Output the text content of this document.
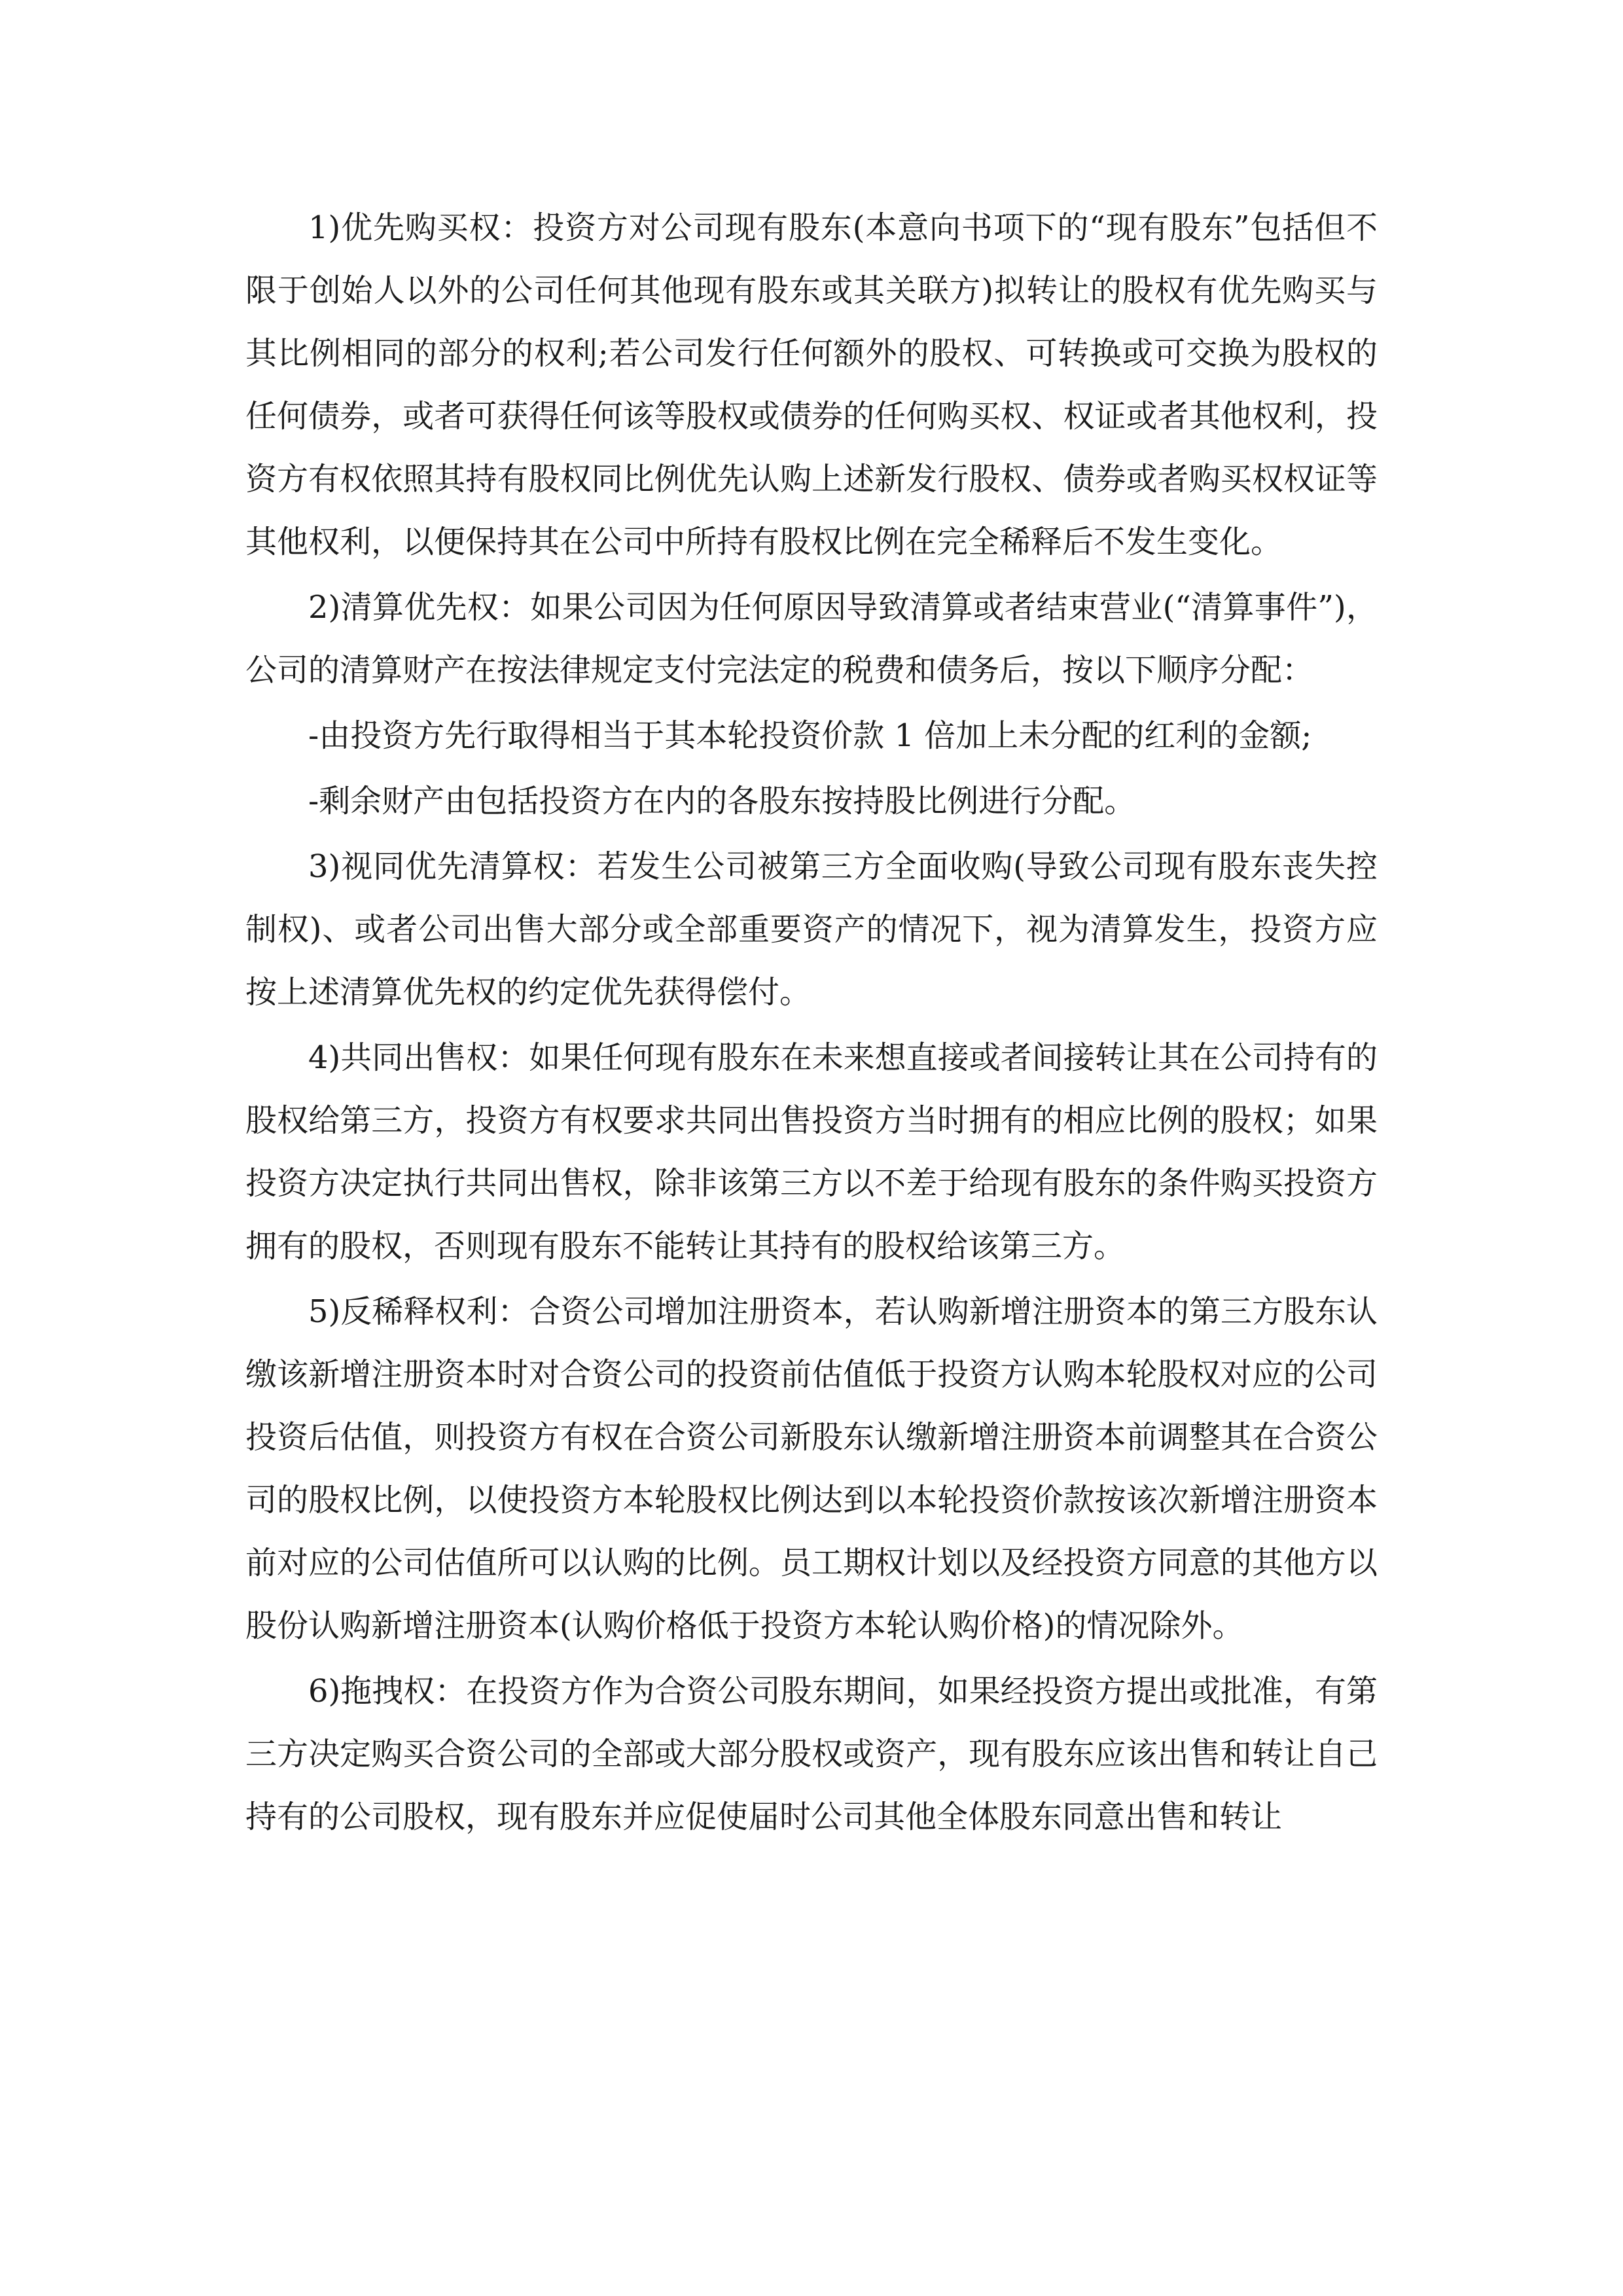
1)优先购买权：投资方对公司现有股东(本意向书项下的“现有股东”包括但不限于创始人以外的公司任何其他现有股东或其关联方)拟转让的股权有优先购买与其比例相同的部分的权利;若公司发行任何额外的股权、可转换或可交换为股权的任何债券，或者可获得任何该等股权或债券的任何购买权、权证或者其他权利，投资方有权依照其持有股权同比例优先认购上述新发行股权、债券或者购买权权证等其他权利，以便保持其在公司中所持有股权比例在完全稀释后不发生变化。

2)清算优先权：如果公司因为任何原因导致清算或者结束营业(“清算事件”)，公司的清算财产在按法律规定支付完法定的税费和债务后，按以下顺序分配：

-由投资方先行取得相当于其本轮投资价款 1 倍加上未分配的红利的金额;

-剩余财产由包括投资方在内的各股东按持股比例进行分配。

3)视同优先清算权：若发生公司被第三方全面收购(导致公司现有股东丧失控制权)、或者公司出售大部分或全部重要资产的情况下，视为清算发生，投资方应按上述清算优先权的约定优先获得偿付。

4)共同出售权：如果任何现有股东在未来想直接或者间接转让其在公司持有的股权给第三方，投资方有权要求共同出售投资方当时拥有的相应比例的股权；如果投资方决定执行共同出售权，除非该第三方以不差于给现有股东的条件购买投资方拥有的股权，否则现有股东不能转让其持有的股权给该第三方。

5)反稀释权利：合资公司增加注册资本，若认购新增注册资本的第三方股东认缴该新增注册资本时对合资公司的投资前估值低于投资方认购本轮股权对应的公司投资后估值，则投资方有权在合资公司新股东认缴新增注册资本前调整其在合资公司的股权比例，以使投资方本轮股权比例达到以本轮投资价款按该次新增注册资本前对应的公司估值所可以认购的比例。员工期权计划以及经投资方同意的其他方以股份认购新增注册资本(认购价格低于投资方本轮认购价格)的情况除外。

6)拖拽权：在投资方作为合资公司股东期间，如果经投资方提出或批准，有第三方决定购买合资公司的全部或大部分股权或资产，现有股东应该出售和转让自己持有的公司股权，现有股东并应促使届时公司其他全体股东同意出售和转让
